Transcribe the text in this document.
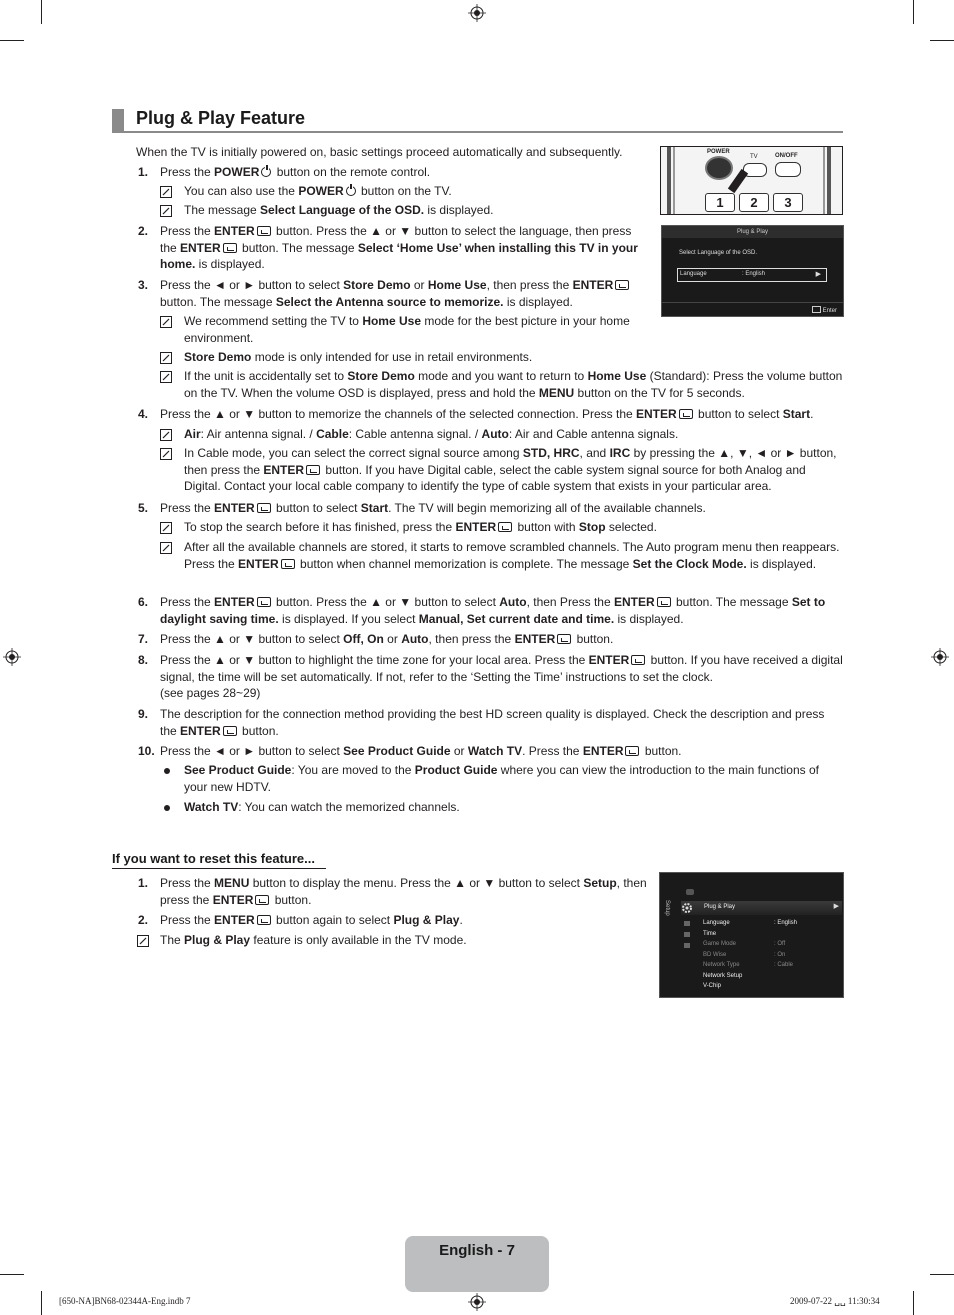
Plug & Play Feature
POWER
TV	ON/OFF
1	2	3
Plug & Play
Select Language of the OSD.
Language	: English	▶
Enter
When the TV is initially powered on, basic settings proceed automatically and subsequently.
1. Press the POWER button on the remote control.
You can also use the POWER button on the TV.
The message Select Language of the OSD. is displayed.
2. Press the ENTER button. Press the ▲ or ▼ button to select the language, then press the ENTER button. The message Select ‘Home Use’ when installing this TV in your home. is displayed.
3. Press the ◄ or ► button to select Store Demo or Home Use, then press the ENTER button. The message Select the Antenna source to memorize. is displayed.
We recommend setting the TV to Home Use mode for the best picture in your home environment.
Store Demo mode is only intended for use in retail environments.
If the unit is accidentally set to Store Demo mode and you want to return to Home Use (Standard): Press the volume button on the TV. When the volume OSD is displayed, press and hold the MENU button on the TV for 5 seconds.
4. Press the ▲ or ▼ button to memorize the channels of the selected connection. Press the ENTER button to select Start.
Air: Air antenna signal. / Cable: Cable antenna signal. / Auto: Air and Cable antenna signals.
In Cable mode, you can select the correct signal source among STD, HRC, and IRC by pressing the ▲, ▼, ◄ or ► button, then press the ENTER button. If you have Digital cable, select the cable system signal source for both Analog and Digital. Contact your local cable company to identify the type of cable system that exists in your particular area.
5. Press the ENTER button to select Start. The TV will begin memorizing all of the available channels.
To stop the search before it has finished, press the ENTER button with Stop selected.
After all the available channels are stored, it starts to remove scrambled channels. The Auto program menu then reappears. Press the ENTER button when channel memorization is complete. The message Set the Clock Mode. is displayed.
6. Press the ENTER button. Press the ▲ or ▼ button to select Auto, then Press the ENTER button. The message Set to daylight saving time. is displayed. If you select Manual, Set current date and time. is displayed.
7. Press the ▲ or ▼ button to select Off, On or Auto, then press the ENTER button.
8. Press the ▲ or ▼ button to highlight the time zone for your local area. Press the ENTER button. If you have received a digital signal, the time will be set automatically. If not, refer to the ‘Setting the Time’ instructions to set the clock.
(see pages 28~29)
9. The description for the connection method providing the best HD screen quality is displayed. Check the description and press the ENTER button.
10. Press the ◄ or ► button to select See Product Guide or Watch TV. Press the ENTER button.
See Product Guide: You are moved to the Product Guide where you can view the introduction to the main functions of your new HDTV.
Watch TV: You can watch the memorized channels.
If you want to reset this feature...
1. Press the MENU button to display the menu. Press the ▲ or ▼ button to select Setup, then press the ENTER button.
2. Press the ENTER button again to select Plug & Play.
The Plug & Play feature is only available in the TV mode.
Setup	Plug & Play	▶
Language	: English
Time
Game Mode	: Off
BD Wise	: On
Network Type	: Cable
Network Setup
V-Chip
English - 7
[650-NA]BN68-02344A-Eng.indb 7	2009-07-22 ␣␣ 11:30:34
